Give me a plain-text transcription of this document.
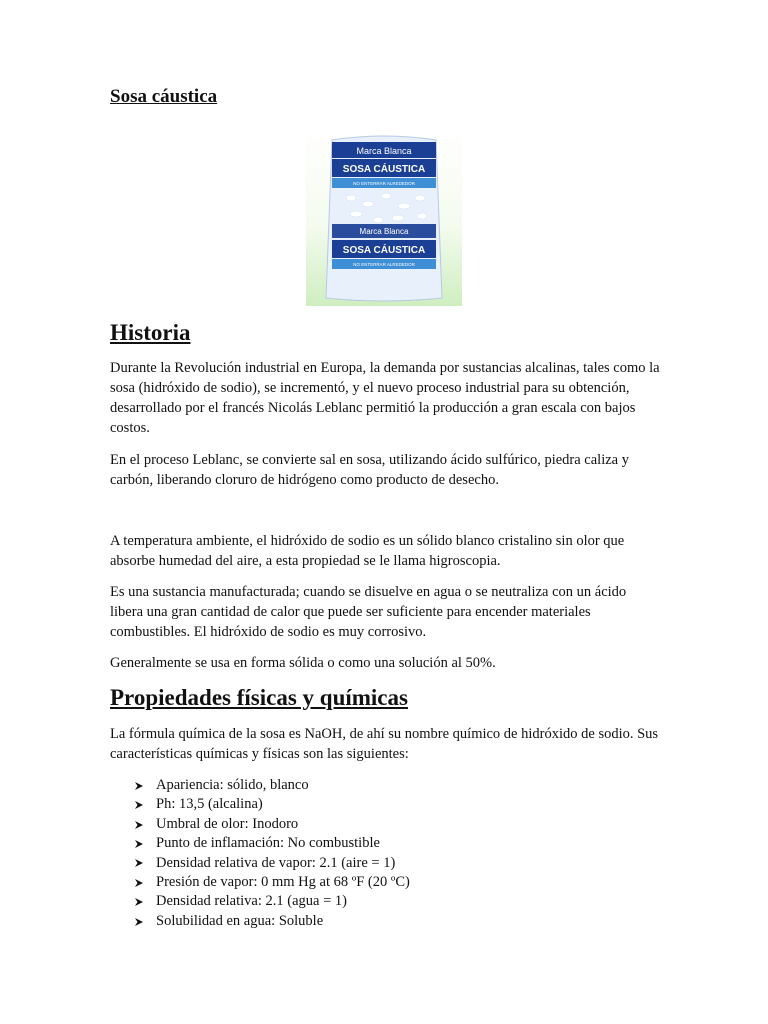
Sosa cáustica
Marca Blanca
SOSA CÁUSTICA
NO ENTERRAR ALREDEDOR
Marca Blanca
SOSA CÁUSTICA
NO ENTERRAR ALREDEDOR
Historia

Durante la Revolución industrial en Europa, la demanda por sustancias alcalinas, tales como la sosa (hidróxido de sodio), se incrementó, y el nuevo proceso industrial para su obtención, desarrollado por el francés Nicolás Leblanc permitió la producción a gran escala con bajos costos.

En el proceso Leblanc, se convierte sal en sosa, utilizando ácido sulfúrico, piedra caliza y carbón, liberando cloruro de hidrógeno como producto de desecho.

A temperatura ambiente, el hidróxido de sodio es un sólido blanco cristalino sin olor que absorbe humedad del aire, a esta propiedad se le llama higroscopia.

Es una sustancia manufacturada; cuando se disuelve en agua o se neutraliza con un ácido libera una gran cantidad de calor que puede ser suficiente para encender materiales combustibles. El hidróxido de sodio es muy corrosivo.

Generalmente se usa en forma sólida o como una solución al 50%.

Propiedades físicas y químicas

La fórmula química de la sosa es NaOH, de ahí su nombre químico de hidróxido de sodio. Sus características químicas y físicas son las siguientes:

Apariencia: sólido, blanco
Ph: 13,5 (alcalina)
Umbral de olor: Inodoro
Punto de inflamación: No combustible
Densidad relativa de vapor: 2.1 (aire = 1)
Presión de vapor: 0 mm Hg at 68 ºF (20 ºC)
Densidad relativa: 2.1 (agua = 1)
Solubilidad en agua: Soluble
